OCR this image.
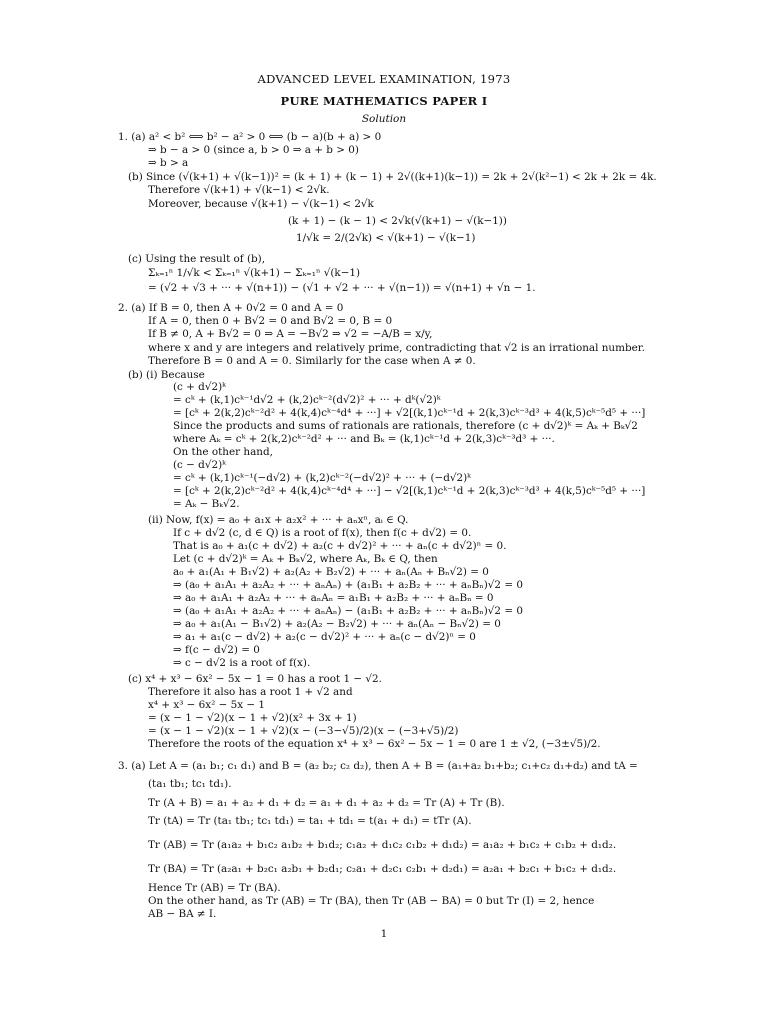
ADVANCED LEVEL EXAMINATION, 1973
PURE MATHEMATICS PAPER I
Solution
1. (a) a² < b² ⟺ b² − a² > 0 ⟺ (b − a)(b + a) > 0
⇒ b − a > 0 (since a, b > 0 ⇒ a + b > 0)
⇒ b > a
(b) Since (√(k+1) + √(k−1))² = (k + 1) + (k − 1) + 2√((k+1)(k−1)) = 2k + 2√(k²−1) < 2k + 2k = 4k.
Therefore √(k+1) + √(k−1) < 2√k.
Moreover, because √(k+1) − √(k−1) < 2√k
(k + 1) − (k − 1) < 2√k(√(k+1) − √(k−1))
1/√k = 2/(2√k) < √(k+1) − √(k−1)
(c) Using the result of (b),
Σₖ₌₁ⁿ 1/√k < Σₖ₌₁ⁿ √(k+1) − Σₖ₌₁ⁿ √(k−1)
= (√2 + √3 + ··· + √(n+1)) − (√1 + √2 + ··· + √(n−1)) = √(n+1) + √n − 1.
2. (a) If B = 0, then A + 0√2 = 0 and A = 0
If A = 0, then 0 + B√2 = 0 and B√2 = 0, B = 0
If B ≠ 0, A + B√2 = 0 ⇒ A = −B√2 ⇒ √2 = −A/B = x/y,
where x and y are integers and relatively prime, contradicting that √2 is an irrational number.
Therefore B = 0 and A = 0. Similarly for the case when A ≠ 0.
(b) (i) Because
(c + d√2)ᵏ
= cᵏ + (k,1)cᵏ⁻¹d√2 + (k,2)cᵏ⁻²(d√2)² + ··· + dᵏ(√2)ᵏ
= [cᵏ + 2(k,2)cᵏ⁻²d² + 4(k,4)cᵏ⁻⁴d⁴ + ···] + √2[(k,1)cᵏ⁻¹d + 2(k,3)cᵏ⁻³d³ + 4(k,5)cᵏ⁻⁵d⁵ + ···]
Since the products and sums of rationals are rationals, therefore (c + d√2)ᵏ = Aₖ + Bₖ√2
where Aₖ = cᵏ + 2(k,2)cᵏ⁻²d² + ··· and Bₖ = (k,1)cᵏ⁻¹d + 2(k,3)cᵏ⁻³d³ + ···.
On the other hand,
(c − d√2)ᵏ
= cᵏ + (k,1)cᵏ⁻¹(−d√2) + (k,2)cᵏ⁻²(−d√2)² + ··· + (−d√2)ᵏ
= [cᵏ + 2(k,2)cᵏ⁻²d² + 4(k,4)cᵏ⁻⁴d⁴ + ···] − √2[(k,1)cᵏ⁻¹d + 2(k,3)cᵏ⁻³d³ + 4(k,5)cᵏ⁻⁵d⁵ + ···]
= Aₖ − Bₖ√2.
(ii) Now, f(x) = a₀ + a₁x + a₂x² + ··· + aₙxⁿ, aᵢ ∈ Q.
If c + d√2 (c, d ∈ Q) is a root of f(x), then f(c + d√2) = 0.
That is a₀ + a₁(c + d√2) + a₂(c + d√2)² + ··· + aₙ(c + d√2)ⁿ = 0.
Let (c + d√2)ᵏ = Aₖ + Bₖ√2, where Aₖ, Bₖ ∈ Q, then
a₀ + a₁(A₁ + B₁√2) + a₂(A₂ + B₂√2) + ··· + aₙ(Aₙ + Bₙ√2) = 0
⇒ (a₀ + a₁A₁ + a₂A₂ + ··· + aₙAₙ) + (a₁B₁ + a₂B₂ + ··· + aₙBₙ)√2 = 0
⇒ a₀ + a₁A₁ + a₂A₂ + ··· + aₙAₙ = a₁B₁ + a₂B₂ + ··· + aₙBₙ = 0
⇒ (a₀ + a₁A₁ + a₂A₂ + ··· + aₙAₙ) − (a₁B₁ + a₂B₂ + ··· + aₙBₙ)√2 = 0
⇒ a₀ + a₁(A₁ − B₁√2) + a₂(A₂ − B₂√2) + ··· + aₙ(Aₙ − Bₙ√2) = 0
⇒ a₁ + a₁(c − d√2) + a₂(c − d√2)² + ··· + aₙ(c − d√2)ⁿ = 0
⇒ f(c − d√2) = 0
⇒ c − d√2 is a root of f(x).
(c) x⁴ + x³ − 6x² − 5x − 1 = 0 has a root 1 − √2.
Therefore it also has a root 1 + √2 and
x⁴ + x³ − 6x² − 5x − 1
= (x − 1 − √2)(x − 1 + √2)(x² + 3x + 1)
= (x − 1 − √2)(x − 1 + √2)(x − (−3−√5)/2)(x − (−3+√5)/2)
Therefore the roots of the equation x⁴ + x³ − 6x² − 5x − 1 = 0 are 1 ± √2, (−3±√5)/2.
3. (a) Let A = (a₁ b₁; c₁ d₁) and B = (a₂ b₂; c₂ d₂), then A + B = (a₁+a₂ b₁+b₂; c₁+c₂ d₁+d₂) and tA =
(ta₁ tb₁; tc₁ td₁).
Tr (A + B) = a₁ + a₂ + d₁ + d₂ = a₁ + d₁ + a₂ + d₂ = Tr (A) + Tr (B).
Tr (tA) = Tr (ta₁ tb₁; tc₁ td₁) = ta₁ + td₁ = t(a₁ + d₁) = tTr (A).
Tr (AB) = Tr (a₁a₂ + b₁c₂ a₁b₂ + b₁d₂; c₁a₂ + d₁c₂ c₁b₂ + d₁d₂) = a₁a₂ + b₁c₂ + c₁b₂ + d₁d₂.
Tr (BA) = Tr (a₂a₁ + b₂c₁ a₂b₁ + b₂d₁; c₂a₁ + d₂c₁ c₂b₁ + d₂d₁) = a₂a₁ + b₂c₁ + b₁c₂ + d₁d₂.
Hence Tr (AB) = Tr (BA).
On the other hand, as Tr (AB) = Tr (BA), then Tr (AB − BA) = 0 but Tr (I) = 2, hence
AB − BA ≠ I.
1
